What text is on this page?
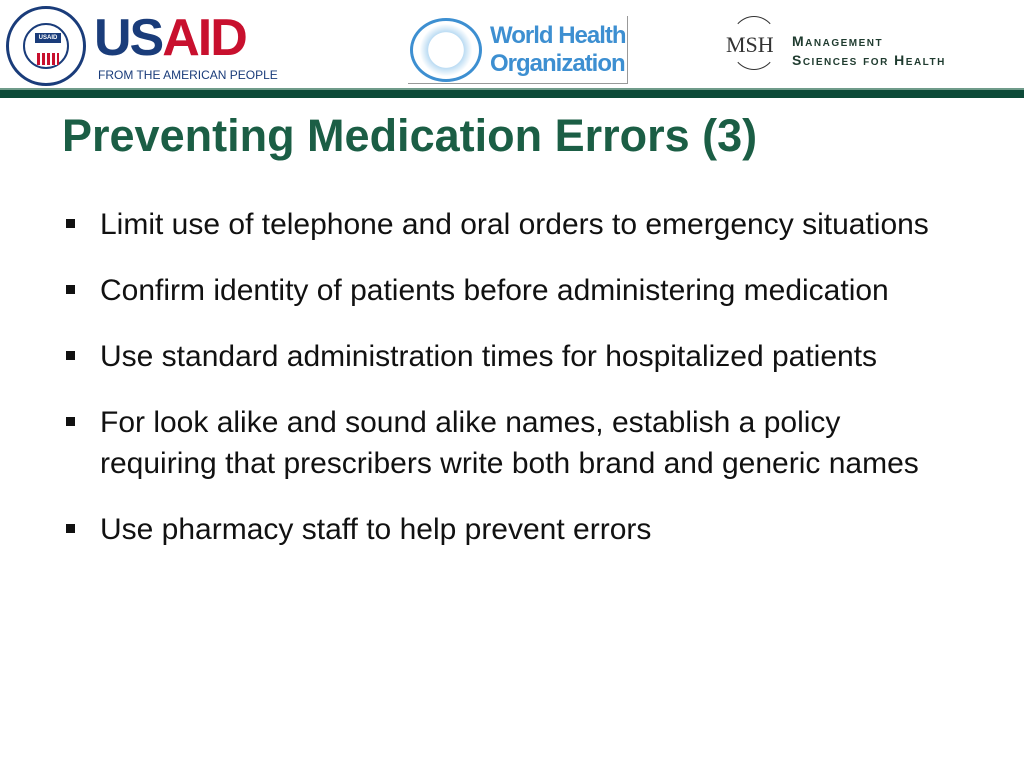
USAID USAID
FROM THE AMERICAN PEOPLE
World Health
Organization
MSH Management
Sciences for Health
Preventing Medication Errors (3)
Limit use of telephone and oral orders to emergency situations
Confirm identity of patients before administering medication
Use standard administration times for hospitalized patients
For look alike and sound alike names, establish a policy requiring that prescribers write both brand and generic names
Use pharmacy staff to help prevent errors
